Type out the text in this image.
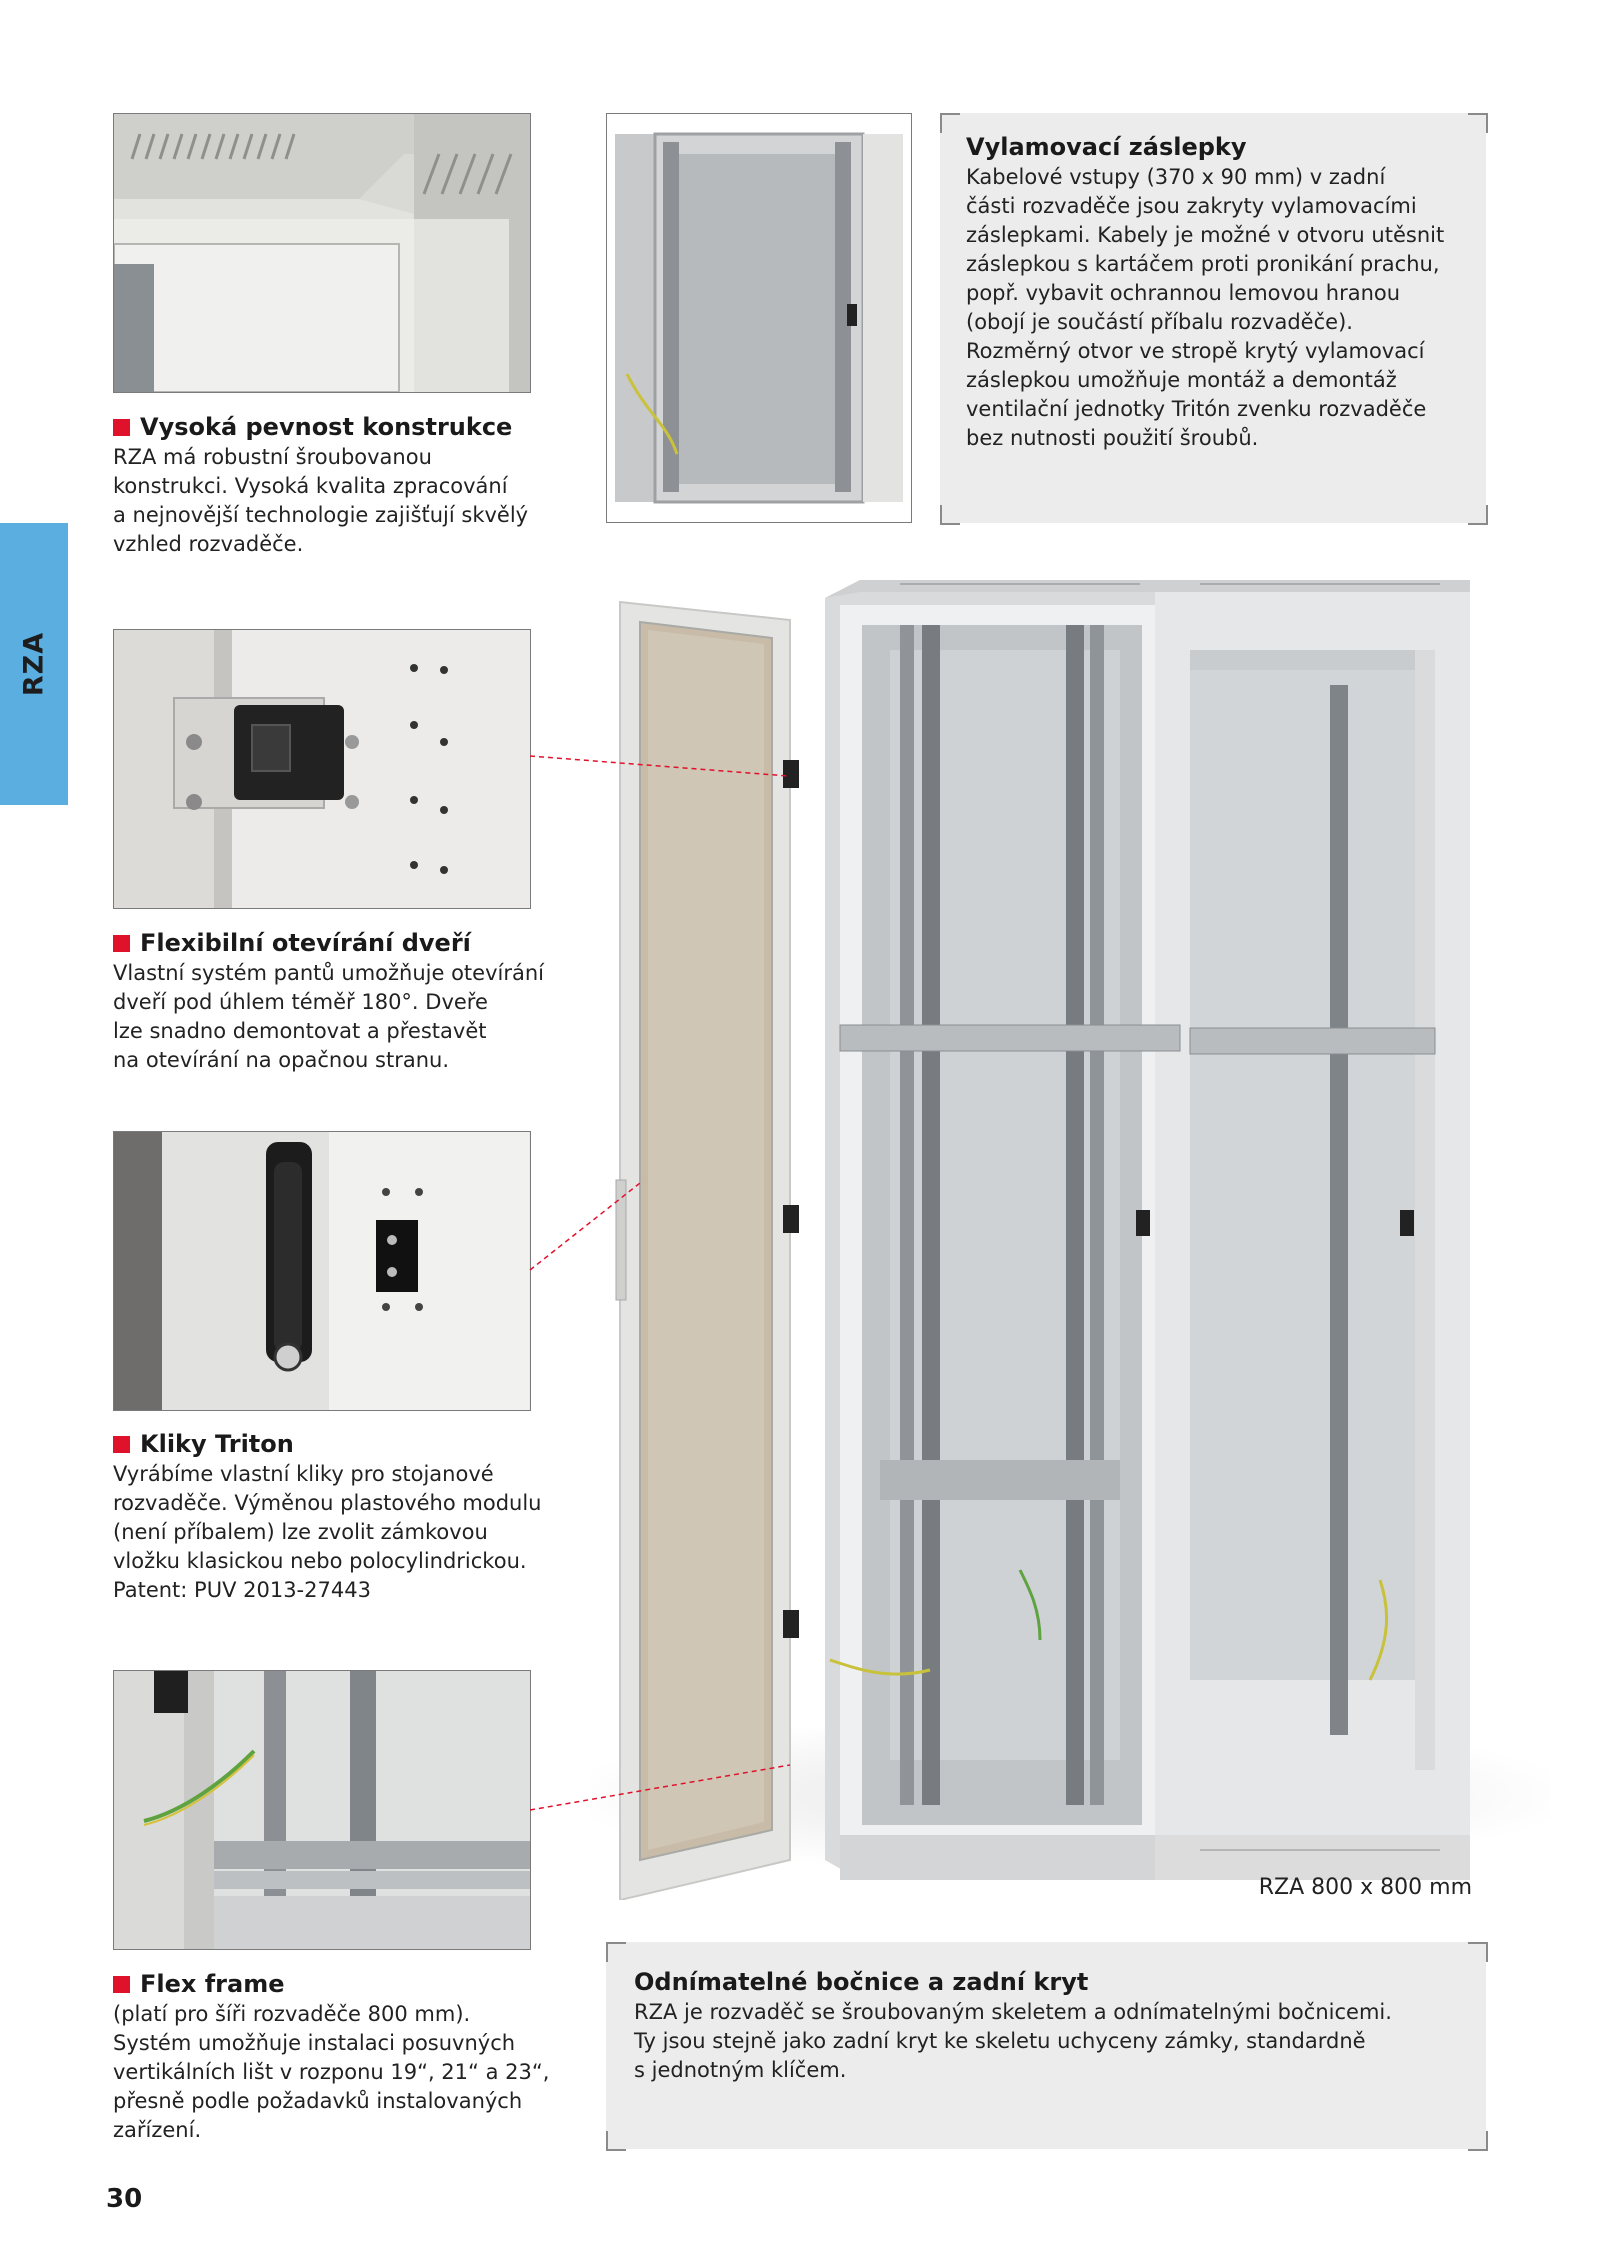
RZA
Vylamovací záslepky

Kabelové vstupy (370 x 90 mm) v zadní
části rozvaděče jsou zakryty vylamovacími
záslepkami. Kabely je možné v otvoru utěsnit
záslepkou s kartáčem proti pronikání prachu,
popř. vybavit ochrannou lemovou hranou
(obojí je součástí příbalu rozvaděče).
Rozměrný otvor ve stropě krytý vylamovací
záslepkou umožňuje montáž a demontáž
ventilační jednotky Tritón zvenku rozvaděče
bez nutnosti použití šroubů.

Vysoká pevnost konstrukce

RZA má robustní šroubovanou
konstrukci. Vysoká kvalita zpracování
a nejnovější technologie zajišťují skvělý
vzhled rozvaděče.

Flexibilní otevírání dveří

Vlastní systém pantů umožňuje otevírání
dveří pod úhlem téměř 180°. Dveře
lze snadno demontovat a přestavět
na otevírání na opačnou stranu.

Kliky Triton

Vyrábíme vlastní kliky pro stojanové
rozvaděče. Výměnou plastového modulu
(není příbalem) lze zvolit zámkovou
vložku klasickou nebo polocylindrickou.
Patent: PUV 2013-27443

Flex frame

(platí pro šíři rozvaděče 800 mm).
Systém umožňuje instalaci posuvných
vertikálních lišt v rozponu 19“, 21“ a 23“,
přesně podle požadavků instalovaných
zařízení.

RZA 800 x 800 mm
Odnímatelné bočnice a zadní kryt

RZA je rozvaděč se šroubovaným skeletem a odnímatelnými bočnicemi.
Ty jsou stejně jako zadní kryt ke skeletu uchyceny zámky, standardně
s jednotným klíčem.

30
